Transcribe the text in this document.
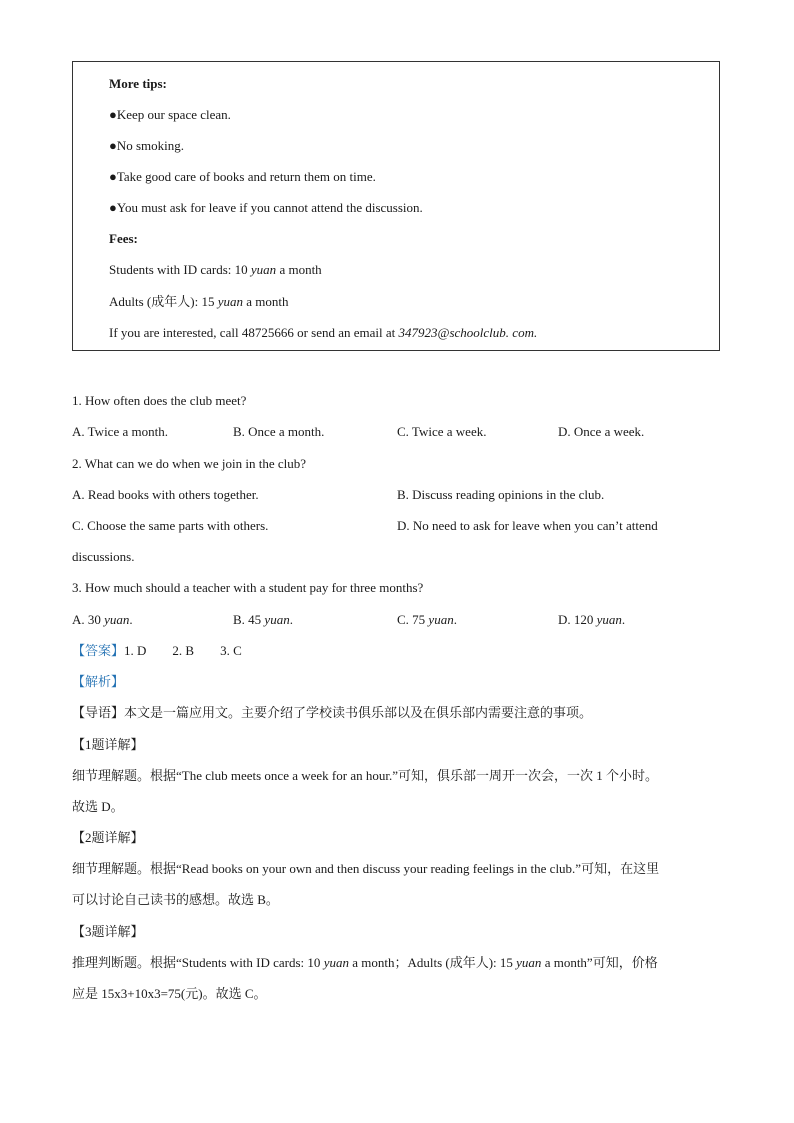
More tips:
●Keep our space clean.
●No smoking.
●Take good care of books and return them on time.
●You must ask for leave if you cannot attend the discussion.
Fees:
Students with ID cards: 10 yuan a month
Adults (成年人): 15 yuan a month
If you are interested, call 48725666 or send an email at 347923@schoolclub. com.
1. How often does the club meet?
A. Twice a month.	B. Once a month.	C. Twice a week.	D. Once a week.
2. What can we do when we join in the club?
A. Read books with others together.	B. Discuss reading opinions in the club.
C. Choose the same parts with others.	D. No need to ask for leave when you can’t attend
discussions.
3. How much should a teacher with a student pay for three months?
A. 30 yuan.	B. 45 yuan.	C. 75 yuan.	D. 120 yuan.
【答案】1. D        2. B        3. C
【解析】
【导语】本文是一篇应用文。主要介绍了学校读书俱乐部以及在俱乐部内需要注意的事项。
【1题详解】
细节理解题。根据“The club meets once a week for an hour.”可知，俱乐部一周开一次会，一次 1 个小时。
故选 D。
【2题详解】
细节理解题。根据“Read books on your own and then discuss your reading feelings in the club.”可知，在这里
可以讨论自己读书的感想。故选 B。
【3题详解】
推理判断题。根据“Students with ID cards: 10 yuan a month；Adults (成年人): 15 yuan a month”可知，价格
应是 15x3+10x3=75(元)。故选 C。
